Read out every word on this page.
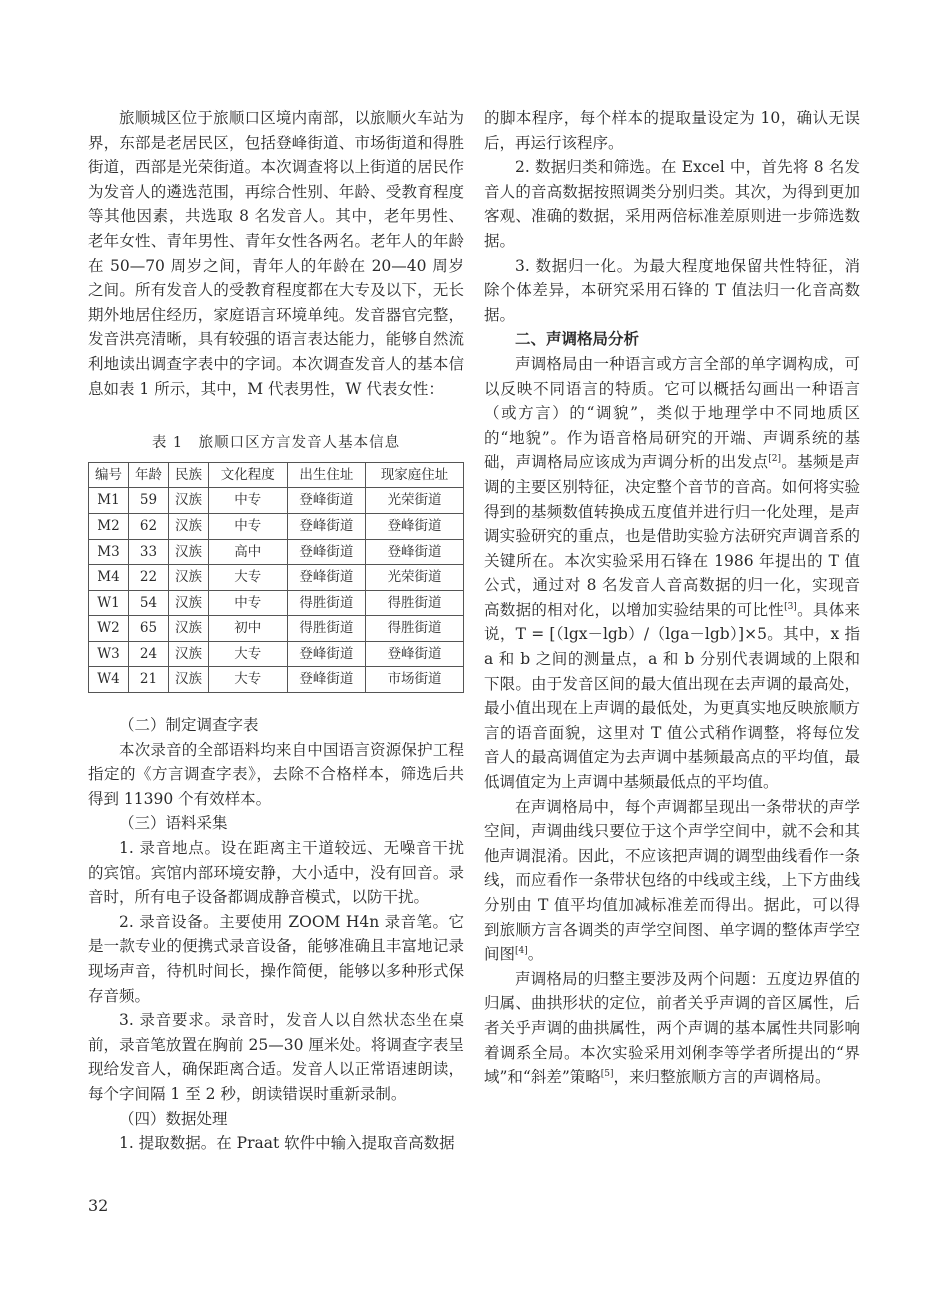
旅顺城区位于旅顺口区境内南部，以旅顺火车站为界，东部是老居民区，包括登峰街道、市场街道和得胜街道，西部是光荣街道。本次调查将以上街道的居民作为发音人的遴选范围，再综合性别、年龄、受教育程度等其他因素，共选取 8 名发音人。其中，老年男性、老年女性、青年男性、青年女性各两名。老年人的年龄在 50—70 周岁之间，青年人的年龄在 20—40 周岁之间。所有发音人的受教育程度都在大专及以下，无长期外地居住经历，家庭语言环境单纯。发音器官完整，发音洪亮清晰，具有较强的语言表达能力，能够自然流利地读出调查字表中的字词。本次调查发音人的基本信息如表 1 所示，其中，M 代表男性，W 代表女性：

表 1　旅顺口区方言发音人基本信息
编号	年龄	民族	文化程度	出生住址	现家庭住址
M1	59	汉族	中专	登峰街道	光荣街道
M2	62	汉族	中专	登峰街道	登峰街道
M3	33	汉族	高中	登峰街道	登峰街道
M4	22	汉族	大专	登峰街道	光荣街道
W1	54	汉族	中专	得胜街道	得胜街道
W2	65	汉族	初中	得胜街道	得胜街道
W3	24	汉族	大专	登峰街道	登峰街道
W4	21	汉族	大专	登峰街道	市场街道

（二）制定调查字表

本次录音的全部语料均来自中国语言资源保护工程指定的《方言调查字表》，去除不合格样本，筛选后共得到 11390 个有效样本。

（三）语料采集

1. 录音地点。设在距离主干道较远、无噪音干扰的宾馆。宾馆内部环境安静，大小适中，没有回音。录音时，所有电子设备都调成静音模式，以防干扰。

2. 录音设备。主要使用 ZOOM H4n 录音笔。它是一款专业的便携式录音设备，能够准确且丰富地记录现场声音，待机时间长，操作简便，能够以多种形式保存音频。

3. 录音要求。录音时，发音人以自然状态坐在桌前，录音笔放置在胸前 25—30 厘米处。将调查字表呈现给发音人，确保距离合适。发音人以正常语速朗读，每个字间隔 1 至 2 秒，朗读错误时重新录制。

（四）数据处理

1. 提取数据。在 Praat 软件中输入提取音高数据

的脚本程序，每个样本的提取量设定为 10，确认无误后，再运行该程序。

2. 数据归类和筛选。在 Excel 中，首先将 8 名发音人的音高数据按照调类分别归类。其次，为得到更加客观、准确的数据，采用两倍标准差原则进一步筛选数据。

3. 数据归一化。为最大程度地保留共性特征，消除个体差异，本研究采用石锋的 T 值法归一化音高数据。

二、声调格局分析

声调格局由一种语言或方言全部的单字调构成，可以反映不同语言的特质。它可以概括勾画出一种语言（或方言）的“调貌”，类似于地理学中不同地质区的“地貌”。作为语音格局研究的开端、声调系统的基础，声调格局应该成为声调分析的出发点[2]。基频是声调的主要区别特征，决定整个音节的音高。如何将实验得到的基频数值转换成五度值并进行归一化处理，是声调实验研究的重点，也是借助实验方法研究声调音系的关键所在。本次实验采用石锋在 1986 年提出的 T 值公式，通过对 8 名发音人音高数据的归一化，实现音高数据的相对化，以增加实验结果的可比性[3]。具体来说，T = [（lgx－lgb）/（lga－lgb）]×5。其中，x 指 a 和 b 之间的测量点，a 和 b 分别代表调域的上限和下限。由于发音区间的最大值出现在去声调的最高处，最小值出现在上声调的最低处，为更真实地反映旅顺方言的语音面貌，这里对 T 值公式稍作调整，将每位发音人的最高调值定为去声调中基频最高点的平均值，最低调值定为上声调中基频最低点的平均值。

在声调格局中，每个声调都呈现出一条带状的声学空间，声调曲线只要位于这个声学空间中，就不会和其他声调混淆。因此，不应该把声调的调型曲线看作一条线，而应看作一条带状包络的中线或主线，上下方曲线分别由 T 值平均值加减标准差而得出。据此，可以得到旅顺方言各调类的声学空间图、单字调的整体声学空间图[4]。

声调格局的归整主要涉及两个问题：五度边界值的归属、曲拱形状的定位，前者关乎声调的音区属性，后者关乎声调的曲拱属性，两个声调的基本属性共同影响着调系全局。本次实验采用刘俐李等学者所提出的“界域”和“斜差”策略[5]，来归整旅顺方言的声调格局。

32
